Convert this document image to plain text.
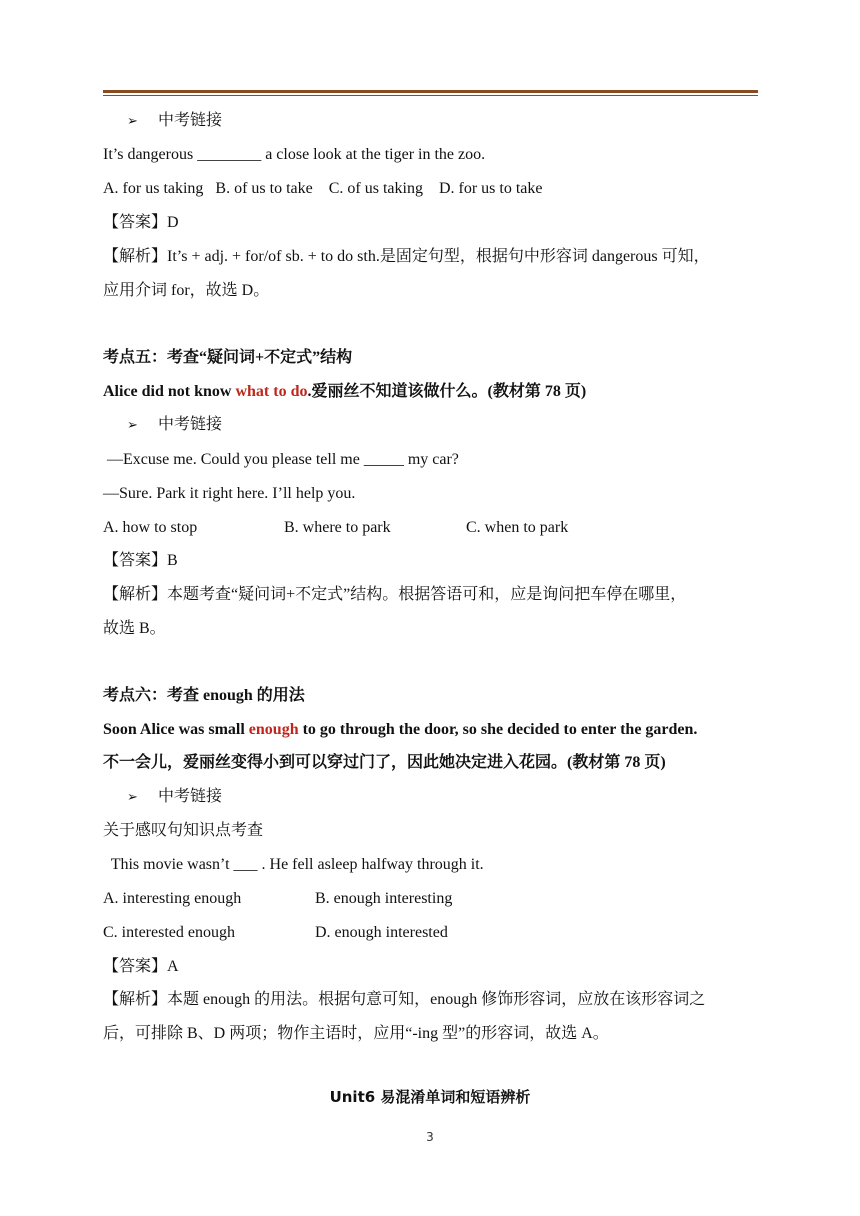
➢ 中考链接
It’s dangerous ________ a close look at the tiger in the zoo.
A. for us taking   B. of us to take    C. of us taking    D. for us to take
【答案】D
【解析】It’s + adj. + for/of sb. + to do sth.是固定句型，根据句中形容词 dangerous 可知，
应用介词 for，故选 D。
考点五：考查“疑问词+不定式”结构
Alice did not know what to do.爱丽丝不知道该做什么。(教材第 78 页)
➢ 中考链接
—Excuse me. Could you please tell me _____ my car?
—Sure. Park it right here. I’ll help you.
A. how to stop	B. where to park	C. when to park
【答案】B
【解析】本题考查“疑问词+不定式”结构。根据答语可和，应是询问把车停在哪里，
故选 B。
考点六：考查 enough 的用法
Soon Alice was small enough to go through the door, so she decided to enter the garden.
不一会儿，爱丽丝变得小到可以穿过门了，因此她决定进入花园。(教材第 78 页)
➢ 中考链接
关于感叹句知识点考查
This movie wasn’t ___ . He fell asleep halfway through it.
A. interesting enough	B. enough interesting
C. interested enough	D. enough interested
【答案】A
【解析】本题 enough 的用法。根据句意可知，enough 修饰形容词，应放在该形容词之
后，可排除 B、D 两项；物作主语时，应用“-ing 型”的形容词，故选 A。
Unit6 易混淆单词和短语辨析
3
